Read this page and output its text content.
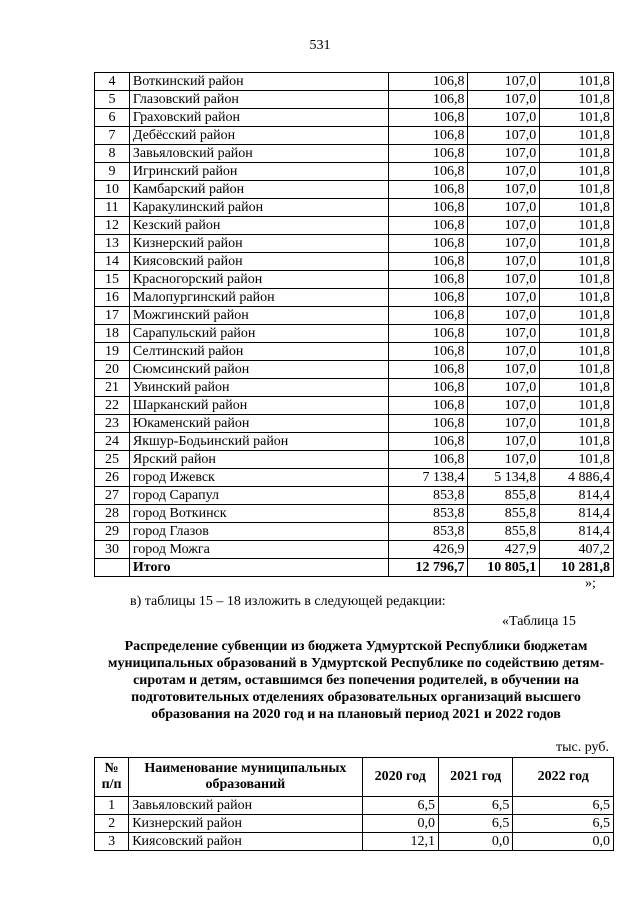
531
4	Воткинский район	106,8	107,0	101,8
5	Глазовский район	106,8	107,0	101,8
6	Граховский район	106,8	107,0	101,8
7	Дебёсский район	106,8	107,0	101,8
8	Завьяловский район	106,8	107,0	101,8
9	Игринский район	106,8	107,0	101,8
10	Камбарский район	106,8	107,0	101,8
11	Каракулинский район	106,8	107,0	101,8
12	Кезский район	106,8	107,0	101,8
13	Кизнерский район	106,8	107,0	101,8
14	Киясовский район	106,8	107,0	101,8
15	Красногорский район	106,8	107,0	101,8
16	Малопургинский район	106,8	107,0	101,8
17	Можгинский район	106,8	107,0	101,8
18	Сарапульский район	106,8	107,0	101,8
19	Селтинский район	106,8	107,0	101,8
20	Сюмсинский район	106,8	107,0	101,8
21	Увинский район	106,8	107,0	101,8
22	Шарканский район	106,8	107,0	101,8
23	Юкаменский район	106,8	107,0	101,8
24	Якшур-Бодьинский район	106,8	107,0	101,8
25	Ярский район	106,8	107,0	101,8
26	город Ижевск	7 138,4	5 134,8	4 886,4
27	город Сарапул	853,8	855,8	814,4
28	город Воткинск	853,8	855,8	814,4
29	город Глазов	853,8	855,8	814,4
30	город Можга	426,9	427,9	407,2
	Итого	12 796,7	10 805,1	10 281,8
»;
в) таблицы 15 – 18 изложить в следующей редакции:
«Таблица 15
Распределение субвенции из бюджета Удмуртской Республики бюджетам муниципальных образований в Удмуртской Республике по содействию детям-сиротам и детям, оставшимся без попечения родителей, в обучении на подготовительных отделениях образовательных организаций высшего образования на 2020 год и на плановый период 2021 и 2022 годов
тыс. руб.
№ п/п	Наименование муниципальных образований	2020 год	2021 год	2022 год
1	Завьяловский район	6,5	6,5	6,5
2	Кизнерский район	0,0	6,5	6,5
3	Киясовский район	12,1	0,0	0,0
